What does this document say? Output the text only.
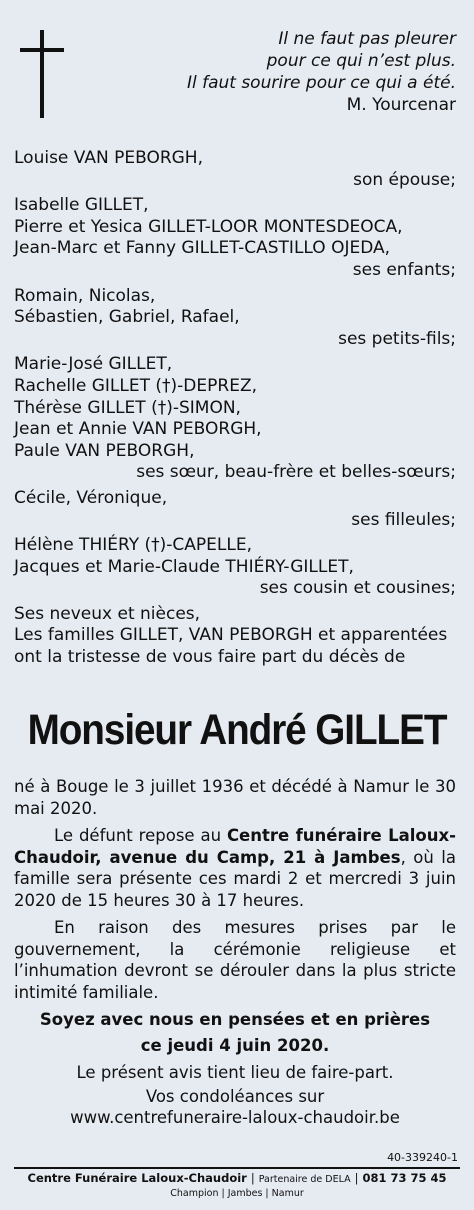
Il ne faut pas pleurer
pour ce qui n’est plus.
Il faut sourire pour ce qui a été.
M. Yourcenar
Louise VAN PEBORGH,
son épouse;
Isabelle GILLET,
Pierre et Yesica GILLET-LOOR MONTESDEOCA,
Jean-Marc et Fanny GILLET-CASTILLO OJEDA,
ses enfants;
Romain, Nicolas,
Sébastien, Gabriel, Rafael,
ses petits-fils;
Marie-José GILLET,
Rachelle GILLET (†)-DEPREZ,
Thérèse GILLET (†)-SIMON,
Jean et Annie VAN PEBORGH,
Paule VAN PEBORGH,
ses sœur, beau-frère et belles-sœurs;
Cécile, Véronique,
ses filleules;
Hélène THIÉRY (†)-CAPELLE,
Jacques et Marie-Claude THIÉRY-GILLET,
ses cousin et cousines;
Ses neveux et nièces,
Les familles GILLET, VAN PEBORGH et apparentées
ont la tristesse de vous faire part du décès de
Monsieur André GILLET

né à Bouge le 3 juillet 1936 et décédé à Namur le 30 mai 2020.

Le défunt repose au Centre funéraire Laloux-Chaudoir, avenue du Camp, 21 à Jambes, où la famille sera présente ces mardi 2 et mercredi 3 juin 2020 de 15 heures 30 à 17 heures.

En raison des mesures prises par le gouvernement, la cérémonie religieuse et l’inhumation devront se dérouler dans la plus stricte intimité familiale.

Soyez avec nous en pensées et en prières

ce jeudi 4 juin 2020.

Le présent avis tient lieu de faire-part.

Vos condoléances sur

www.centrefuneraire-laloux-chaudoir.be

40-339240-1
Centre Funéraire Laloux-Chaudoir | Partenaire de DELA | 081 73 75 45
Champion | Jambes | Namur
